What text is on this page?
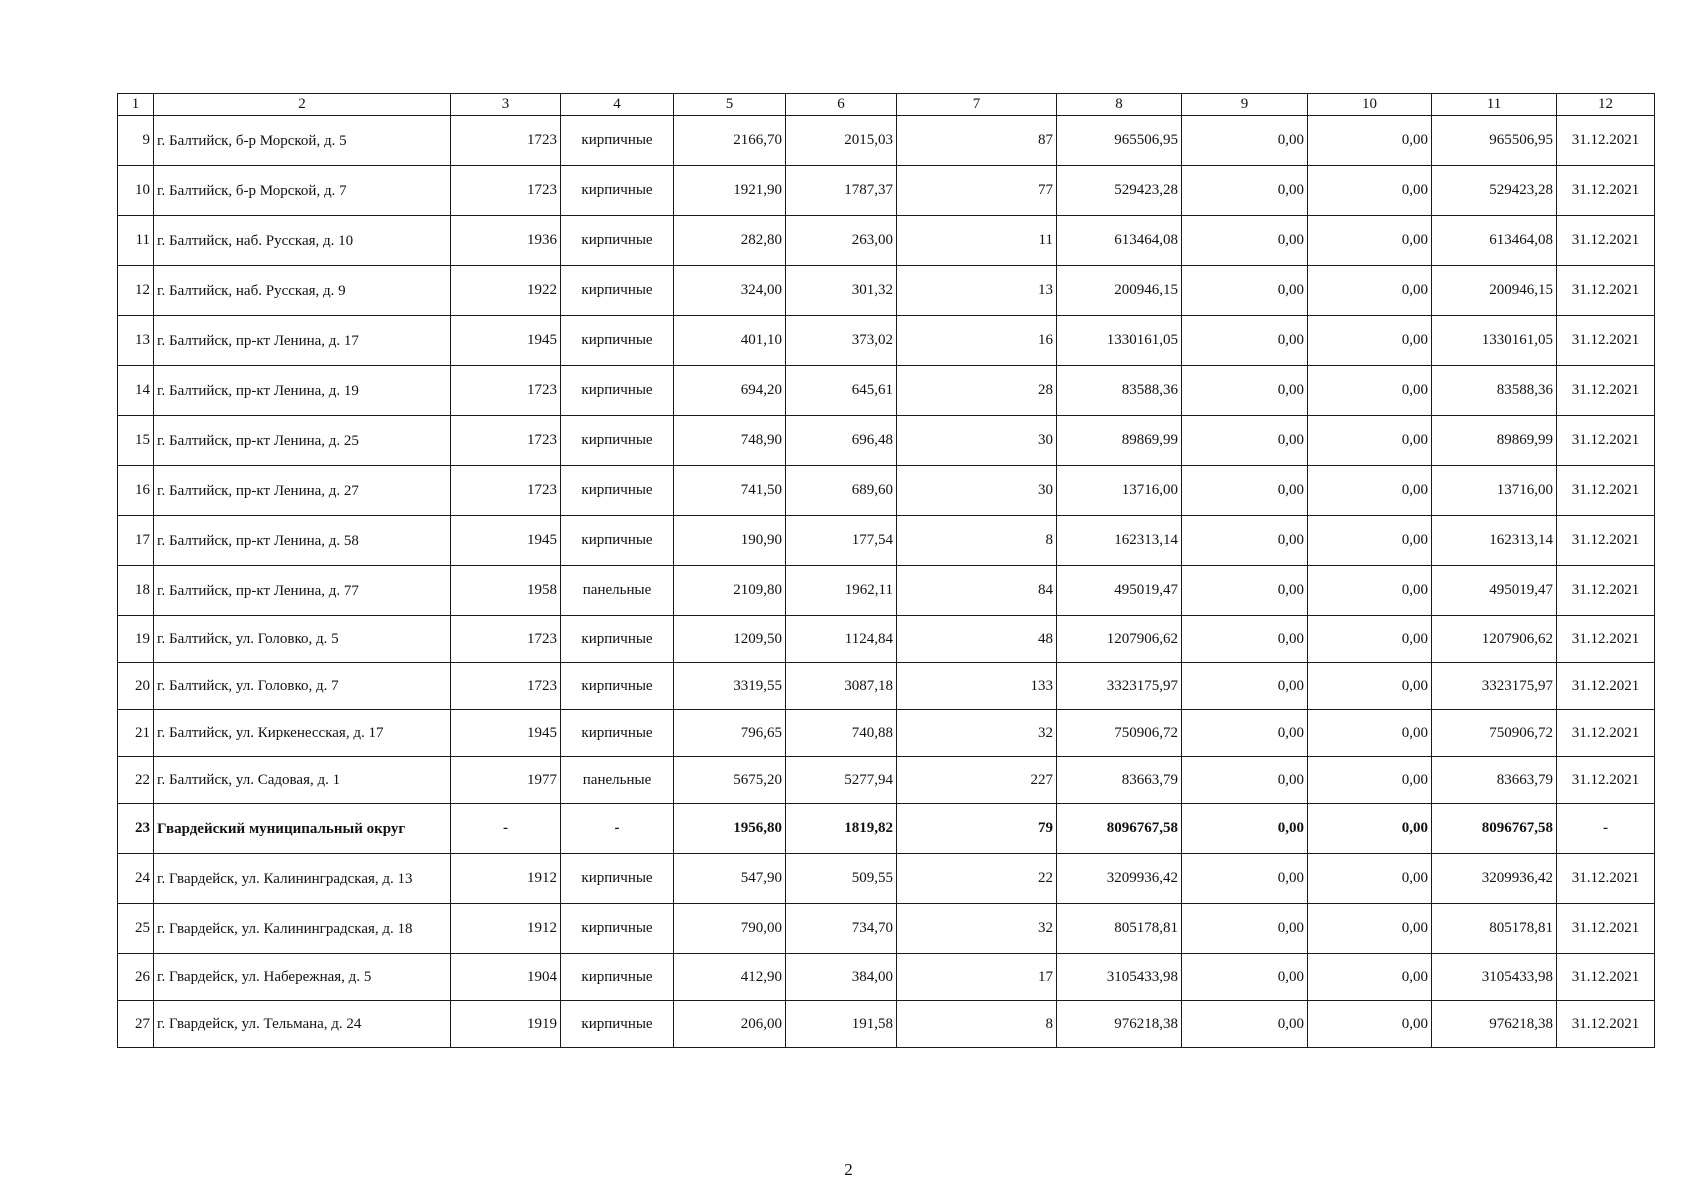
1	2	3	4	5	6	7	8	9	10	11	12
9	г. Балтийск, б-р Морской, д. 5	1723	кирпичные	2166,70	2015,03	87	965506,95	0,00	0,00	965506,95	31.12.2021
10	г. Балтийск, б-р Морской, д. 7	1723	кирпичные	1921,90	1787,37	77	529423,28	0,00	0,00	529423,28	31.12.2021
11	г. Балтийск, наб. Русская, д. 10	1936	кирпичные	282,80	263,00	11	613464,08	0,00	0,00	613464,08	31.12.2021
12	г. Балтийск, наб. Русская, д. 9	1922	кирпичные	324,00	301,32	13	200946,15	0,00	0,00	200946,15	31.12.2021
13	г. Балтийск, пр-кт Ленина, д. 17	1945	кирпичные	401,10	373,02	16	1330161,05	0,00	0,00	1330161,05	31.12.2021
14	г. Балтийск, пр-кт Ленина, д. 19	1723	кирпичные	694,20	645,61	28	83588,36	0,00	0,00	83588,36	31.12.2021
15	г. Балтийск, пр-кт Ленина, д. 25	1723	кирпичные	748,90	696,48	30	89869,99	0,00	0,00	89869,99	31.12.2021
16	г. Балтийск, пр-кт Ленина, д. 27	1723	кирпичные	741,50	689,60	30	13716,00	0,00	0,00	13716,00	31.12.2021
17	г. Балтийск, пр-кт Ленина, д. 58	1945	кирпичные	190,90	177,54	8	162313,14	0,00	0,00	162313,14	31.12.2021
18	г. Балтийск, пр-кт Ленина, д. 77	1958	панельные	2109,80	1962,11	84	495019,47	0,00	0,00	495019,47	31.12.2021
19	г. Балтийск, ул. Головко, д. 5	1723	кирпичные	1209,50	1124,84	48	1207906,62	0,00	0,00	1207906,62	31.12.2021
20	г. Балтийск, ул. Головко, д. 7	1723	кирпичные	3319,55	3087,18	133	3323175,97	0,00	0,00	3323175,97	31.12.2021
21	г. Балтийск, ул. Киркенесская, д. 17	1945	кирпичные	796,65	740,88	32	750906,72	0,00	0,00	750906,72	31.12.2021
22	г. Балтийск, ул. Садовая, д. 1	1977	панельные	5675,20	5277,94	227	83663,79	0,00	0,00	83663,79	31.12.2021
23	Гвардейский муниципальный округ	-	-	1956,80	1819,82	79	8096767,58	0,00	0,00	8096767,58	-
24	г. Гвардейск, ул. Калининградская, д. 13	1912	кирпичные	547,90	509,55	22	3209936,42	0,00	0,00	3209936,42	31.12.2021
25	г. Гвардейск, ул. Калининградская, д. 18	1912	кирпичные	790,00	734,70	32	805178,81	0,00	0,00	805178,81	31.12.2021
26	г. Гвардейск, ул. Набережная, д. 5	1904	кирпичные	412,90	384,00	17	3105433,98	0,00	0,00	3105433,98	31.12.2021
27	г. Гвардейск, ул. Тельмана, д. 24	1919	кирпичные	206,00	191,58	8	976218,38	0,00	0,00	976218,38	31.12.2021
2
